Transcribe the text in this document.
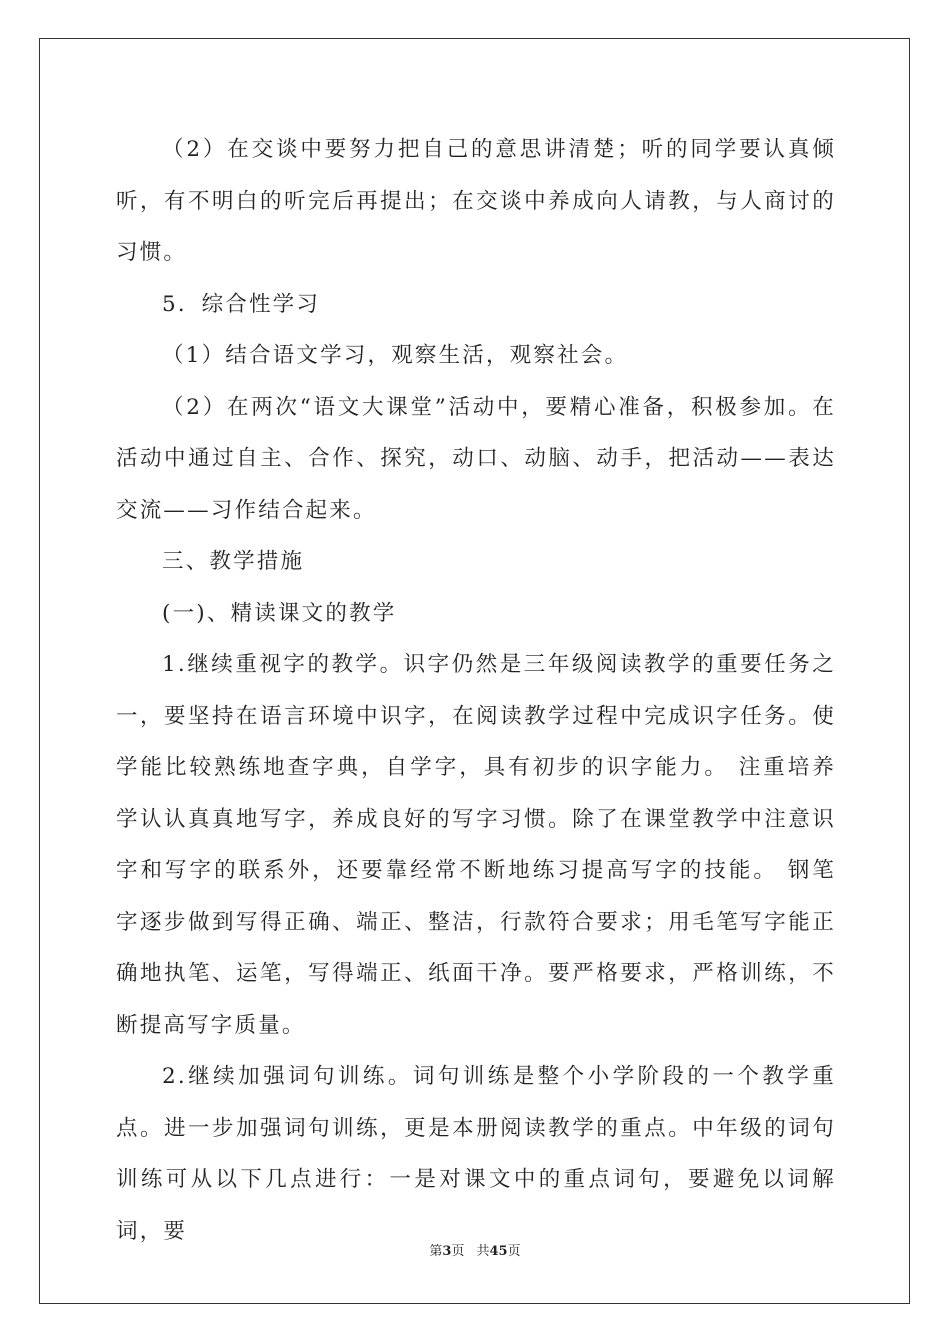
（2）在交谈中要努力把自己的意思讲清楚；听的同学要认真倾听，有不明白的听完后再提出；在交谈中养成向人请教，与人商讨的习惯。

5．综合性学习

（1）结合语文学习，观察生活，观察社会。

（2）在两次“语文大课堂”活动中，要精心准备，积极参加。在活动中通过自主、合作、探究，动口、动脑、动手，把活动——表达交流——习作结合起来。

三、教学措施

(一)、精读课文的教学

1.继续重视字的教学。识字仍然是三年级阅读教学的重要任务之一，要坚持在语言环境中识字，在阅读教学过程中完成识字任务。使学能比较熟练地查字典，自学字，具有初步的识字能力。 注重培养学认认真真地写字，养成良好的写字习惯。除了在课堂教学中注意识字和写字的联系外，还要靠经常不断地练习提高写字的技能。 钢笔字逐步做到写得正确、端正、整洁，行款符合要求；用毛笔写字能正确地执笔、运笔，写得端正、纸面干净。要严格要求，严格训练，不断提高写字质量。

2.继续加强词句训练。词句训练是整个小学阶段的一个教学重点。进一步加强词句训练，更是本册阅读教学的重点。中年级的词句训练可从以下几点进行：一是对课文中的重点词句，要避免以词解词，要

第3页 共45页
